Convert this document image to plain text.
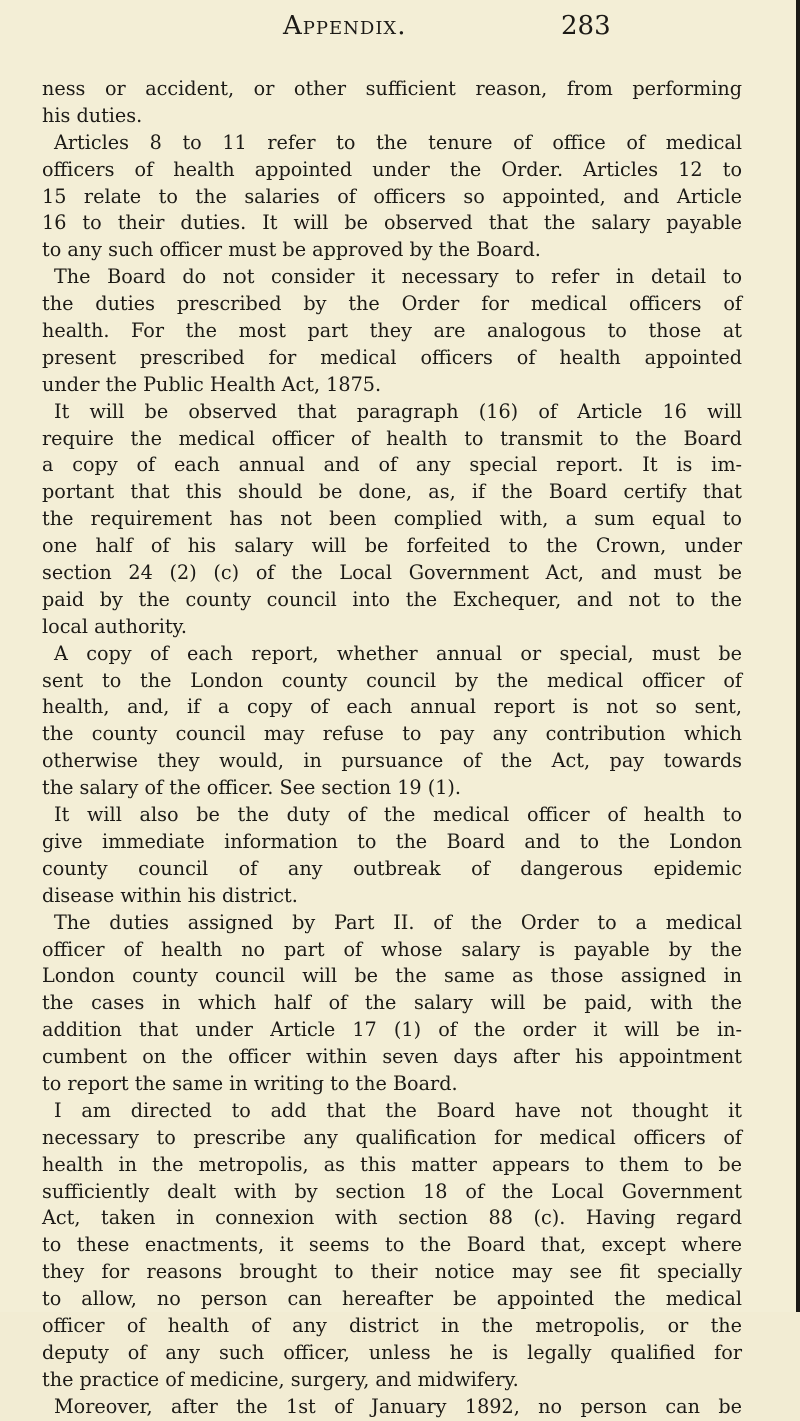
Appendix.	283
ness or accident, or other sufficient reason, from performing
his duties.
Articles 8 to 11 refer to the tenure of office of medical
officers of health appointed under the Order. Articles 12 to
15 relate to the salaries of officers so appointed, and Article
16 to their duties. It will be observed that the salary payable
to any such officer must be approved by the Board.
The Board do not consider it necessary to refer in detail to
the duties prescribed by the Order for medical officers of
health. For the most part they are analogous to those at
present prescribed for medical officers of health appointed
under the Public Health Act, 1875.
It will be observed that paragraph (16) of Article 16 will
require the medical officer of health to transmit to the Board
a copy of each annual and of any special report. It is im-
portant that this should be done, as, if the Board certify that
the requirement has not been complied with, a sum equal to
one half of his salary will be forfeited to the Crown, under
section 24 (2) (c) of the Local Government Act, and must be
paid by the county council into the Exchequer, and not to the
local authority.
A copy of each report, whether annual or special, must be
sent to the London county council by the medical officer of
health, and, if a copy of each annual report is not so sent,
the county council may refuse to pay any contribution which
otherwise they would, in pursuance of the Act, pay towards
the salary of the officer. See section 19 (1).
It will also be the duty of the medical officer of health to
give immediate information to the Board and to the London
county council of any outbreak of dangerous epidemic
disease within his district.
The duties assigned by Part II. of the Order to a medical
officer of health no part of whose salary is payable by the
London county council will be the same as those assigned in
the cases in which half of the salary will be paid, with the
addition that under Article 17 (1) of the order it will be in-
cumbent on the officer within seven days after his appointment
to report the same in writing to the Board.
I am directed to add that the Board have not thought it
necessary to prescribe any qualification for medical officers of
health in the metropolis, as this matter appears to them to be
sufficiently dealt with by section 18 of the Local Government
Act, taken in connexion with section 88 (c). Having regard
to these enactments, it seems to the Board that, except where
they for reasons brought to their notice may see fit specially
to allow, no person can hereafter be appointed the medical
officer of health of any district in the metropolis, or the
deputy of any such officer, unless he is legally qualified for
the practice of medicine, surgery, and midwifery.
Moreover, after the 1st of January 1892, no person can be
